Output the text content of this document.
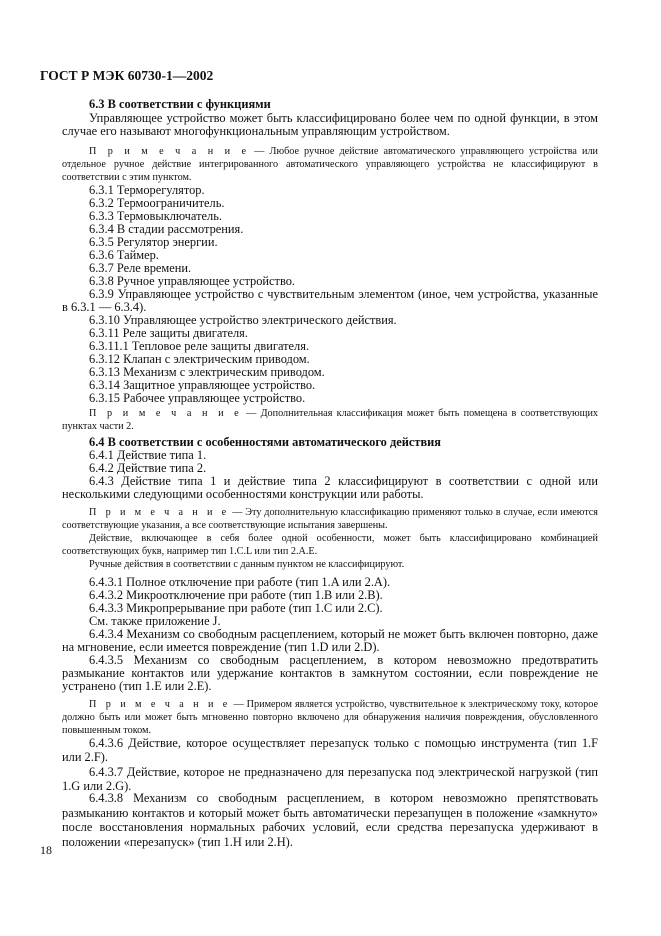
ГОСТ Р МЭК 60730-1—2002

6.3 В соответствии с функциями

Управляющее устройство может быть классифицировано более чем по одной функции, в этом случае его называют многофункциональным управляющим устройством.

П р и м е ч а н и е — Любое ручное действие автоматического управляющего устройства или отдельное ручное действие интегрированного автоматического управляющего устройства не классифицируют в соответствии с этим пунктом.

6.3.1 Терморегулятор.

6.3.2 Термоограничитель.

6.3.3 Термовыключатель.

6.3.4 В стадии рассмотрения.

6.3.5 Регулятор энергии.

6.3.6 Таймер.

6.3.7 Реле времени.

6.3.8 Ручное управляющее устройство.

6.3.9 Управляющее устройство с чувствительным элементом (иное, чем устройства, указанные в 6.3.1 — 6.3.4).

6.3.10 Управляющее устройство электрического действия.

6.3.11 Реле защиты двигателя.

6.3.11.1 Тепловое реле защиты двигателя.

6.3.12 Клапан с электрическим приводом.

6.3.13 Механизм с электрическим приводом.

6.3.14 Защитное управляющее устройство.

6.3.15 Рабочее управляющее устройство.

П р и м е ч а н и е — Дополнительная классификация может быть помещена в соответствующих пунктах части 2.

6.4 В соответствии с особенностями автоматического действия

6.4.1 Действие типа 1.

6.4.2 Действие типа 2.

6.4.3 Действие типа 1 и действие типа 2 классифицируют в соответствии с одной или несколькими следующими особенностями конструкции или работы.

П р и м е ч а н и е — Эту дополнительную классификацию применяют только в случае, если имеются соответствующие указания, а все соответствующие испытания завершены.

Действие, включающее в себя более одной особенности, может быть классифицировано комбинацией соответствующих букв, например тип 1.C.L или тип 2.A.E.

Ручные действия в соответствии с данным пунктом не классифицируют.

6.4.3.1 Полное отключение при работе (тип 1.A или 2.A).

6.4.3.2 Микроотключение при работе (тип 1.B или 2.B).

6.4.3.3 Микропрерывание при работе (тип 1.C или 2.C).

См. также приложение J.

6.4.3.4 Механизм со свободным расцеплением, который не может быть включен повторно, даже на мгновение, если имеется повреждение (тип 1.D или 2.D).

6.4.3.5 Механизм со свободным расцеплением, в котором невозможно предотвратить размыкание контактов или удержание контактов в замкнутом состоянии, если повреждение не устранено (тип 1.E или 2.E).

П р и м е ч а н и е — Примером является устройство, чувствительное к электрическому току, которое должно быть или может быть мгновенно повторно включено для обнаружения наличия повреждения, обусловленного повышенным током.

6.4.3.6 Действие, которое осуществляет перезапуск только с помощью инструмента (тип 1.F или 2.F).

6.4.3.7 Действие, которое не предназначено для перезапуска под электрической нагрузкой (тип 1.G или 2.G).

6.4.3.8 Механизм со свободным расцеплением, в котором невозможно препятствовать размыканию контактов и который может быть автоматически перезапущен в положение «замкнуто» после восстановления нормальных рабочих условий, если средства перезапуска удерживают в положении «перезапуск» (тип 1.H или 2.H).

18
